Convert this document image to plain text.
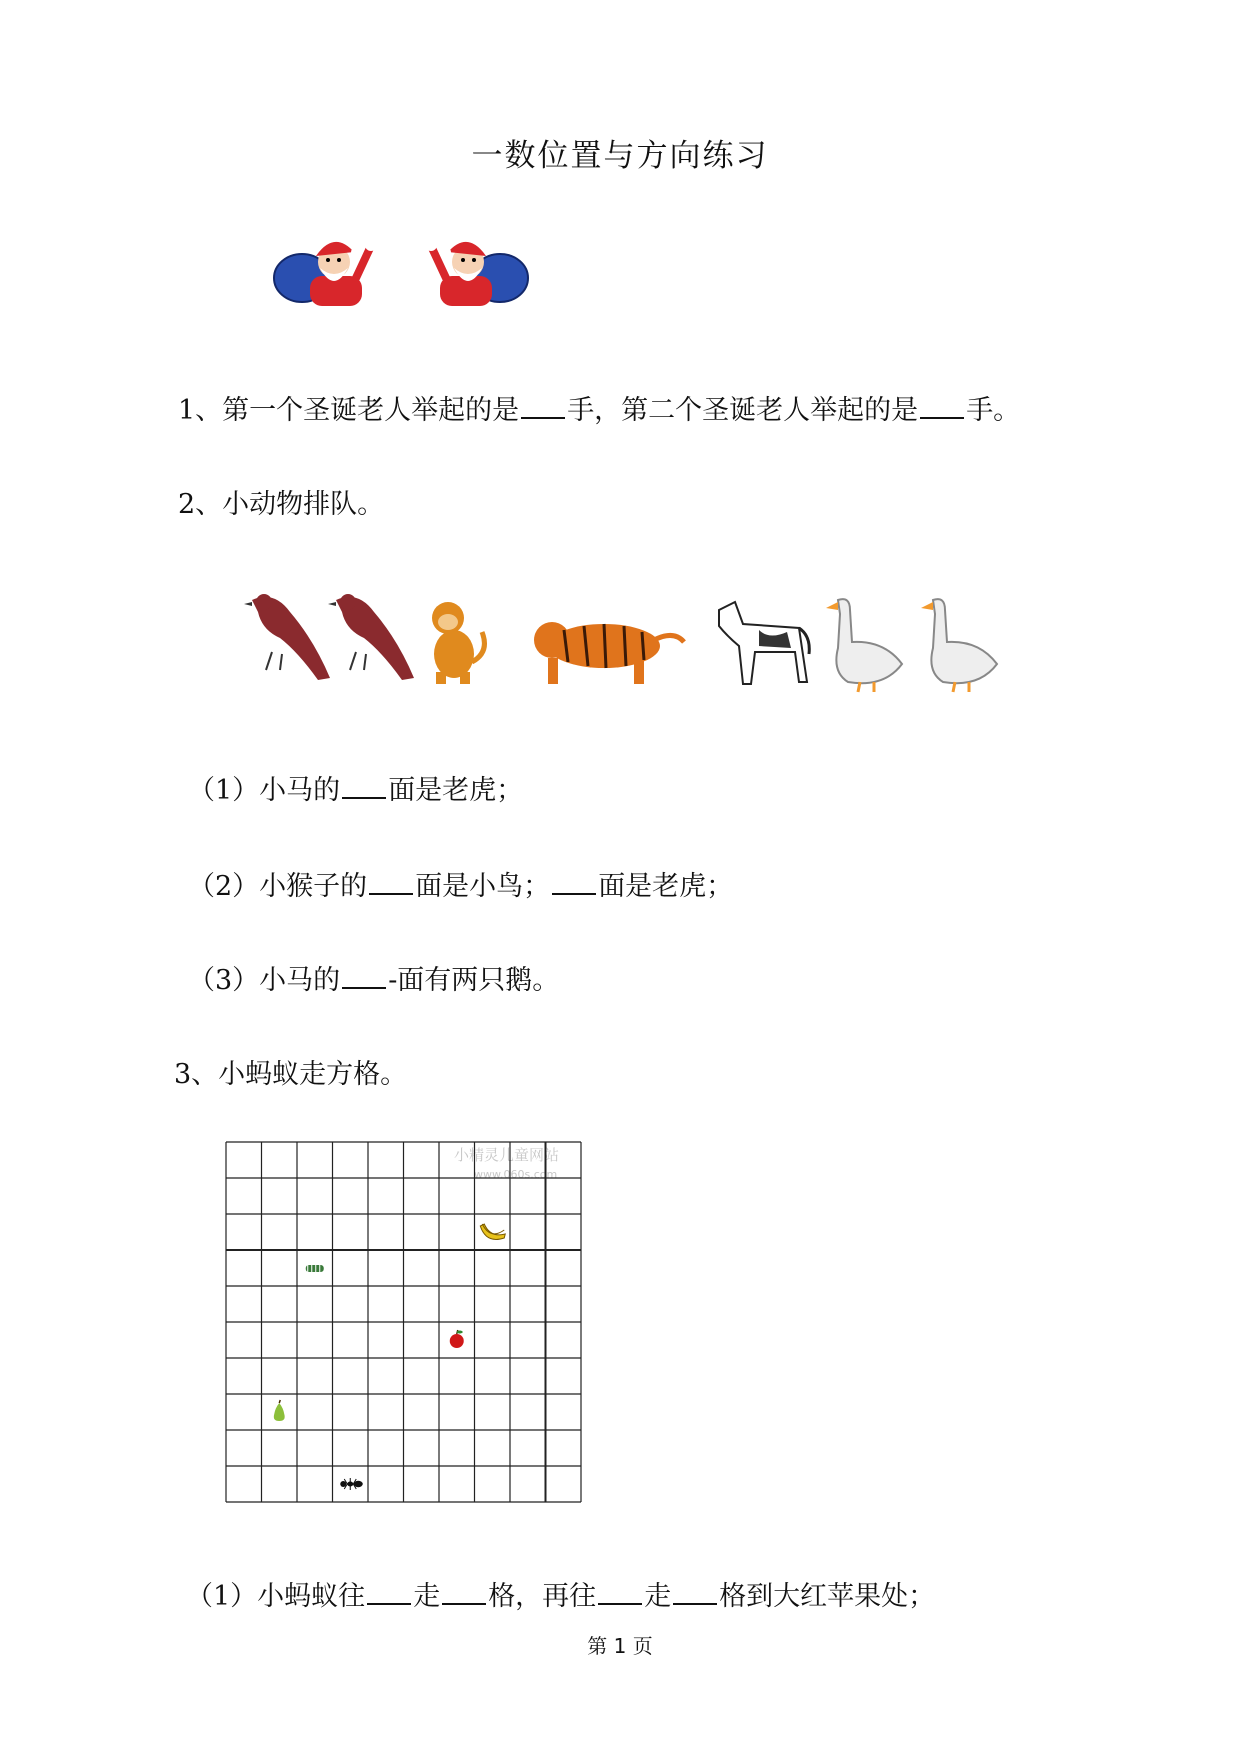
一数位置与方向练习
1、第一个圣诞老人举起的是 手，第二个圣诞老人举起的是 手。
2、小动物排队。
（1）小马的 面是老虎；
（2）小猴子的 面是小鸟； 面是老虎；
（3）小马的 -面有两只鹅。
3、小蚂蚁走方格。
小精灵儿童网站
www.060s.com
（1）小蚂蚁往 走 格，再往 走 格到大红苹果处；
第 1 页
